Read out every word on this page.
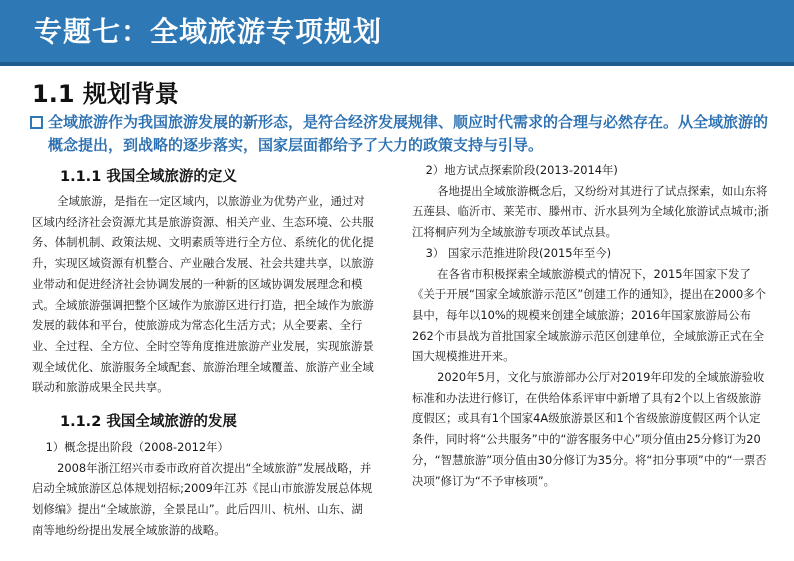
专题七：全域旅游专项规划
1.1 规划背景
全域旅游作为我国旅游发展的新形态，是符合经济发展规律、顺应时代需求的合理与必然存在。从全域旅游的概念提出，到战略的逐步落实，国家层面都给予了大力的政策支持与引导。
1.1.1 我国全域旅游的定义

全域旅游，是指在一定区域内，以旅游业为优势产业，通过对区域内经济社会资源尤其是旅游资源、相关产业、生态环境、公共服务、体制机制、政策法规、文明素质等进行全方位、系统化的优化提升，实现区域资源有机整合、产业融合发展、社会共建共享，以旅游业带动和促进经济社会协调发展的一种新的区域协调发展理念和模式。全域旅游强调把整个区域作为旅游区进行打造，把全域作为旅游发展的载体和平台，使旅游成为常态化生活方式；从全要素、全行业、全过程、全方位、全时空等角度推进旅游产业发展，实现旅游景观全域优化、旅游服务全域配套、旅游治理全域覆盖、旅游产业全域联动和旅游成果全民共享。

1.1.2 我国全域旅游的发展

1）概念提出阶段（2008-2012年）

2008年浙江绍兴市委市政府首次提出“全域旅游”发展战略，并启动全城旅游区总体规划招标;2009年江苏《昆山市旅游发展总体规划修编》提出“全域旅游，全景昆山”。此后四川、杭州、山东、湖南等地纷纷提出发展全域旅游的战略。

2）地方试点探索阶段(2013-2014年)

各地提出全域旅游概念后，又纷纷对其进行了试点探索，如山东将五莲县、临沂市、莱芜市、滕州市、沂水县列为全域化旅游试点城市;浙江将桐庐列为全域旅游专项改革试点县。

3） 国家示范推进阶段(2015年至今)

在各省市积极探索全域旅游模式的情况下，2015年国家下发了《关于开展“国家全域旅游示范区”创建工作的通知》，提出在2000多个县中，每年以10%的规模来创建全域旅游；2016年国家旅游局公布262个市县战为首批国家全域旅游示范区创建单位，全域旅游正式在全国大规模推进开来。

2020年5月，文化与旅游部办公厅对2019年印发的全域旅游验收标准和办法进行修订，在供给体系评审中新增了具有2个以上省级旅游度假区；或具有1个国家4A级旅游景区和1个省级旅游度假区两个认定条件，同时将“公共服务”中的“游客服务中心”项分值由25分修订为20分，“智慧旅游”项分值由30分修订为35分。将“扣分事项”中的“一票否决项”修订为“不予审核项”。
